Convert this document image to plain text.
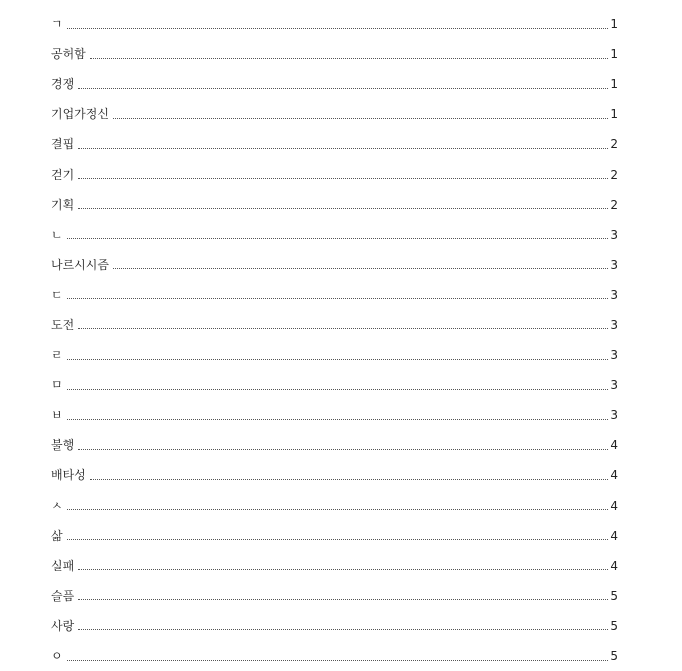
ㄱ	1
공허함	1
경쟁	1
기업가정신	1
결핍	2
걷기	2
기획	2
ㄴ	3
나르시시즘	3
ㄷ	3
도전	3
ㄹ	3
ㅁ	3
ㅂ	3
불행	4
배타성	4
ㅅ	4
삶	4
실패	4
슬픔	5
사랑	5
ㅇ	5
